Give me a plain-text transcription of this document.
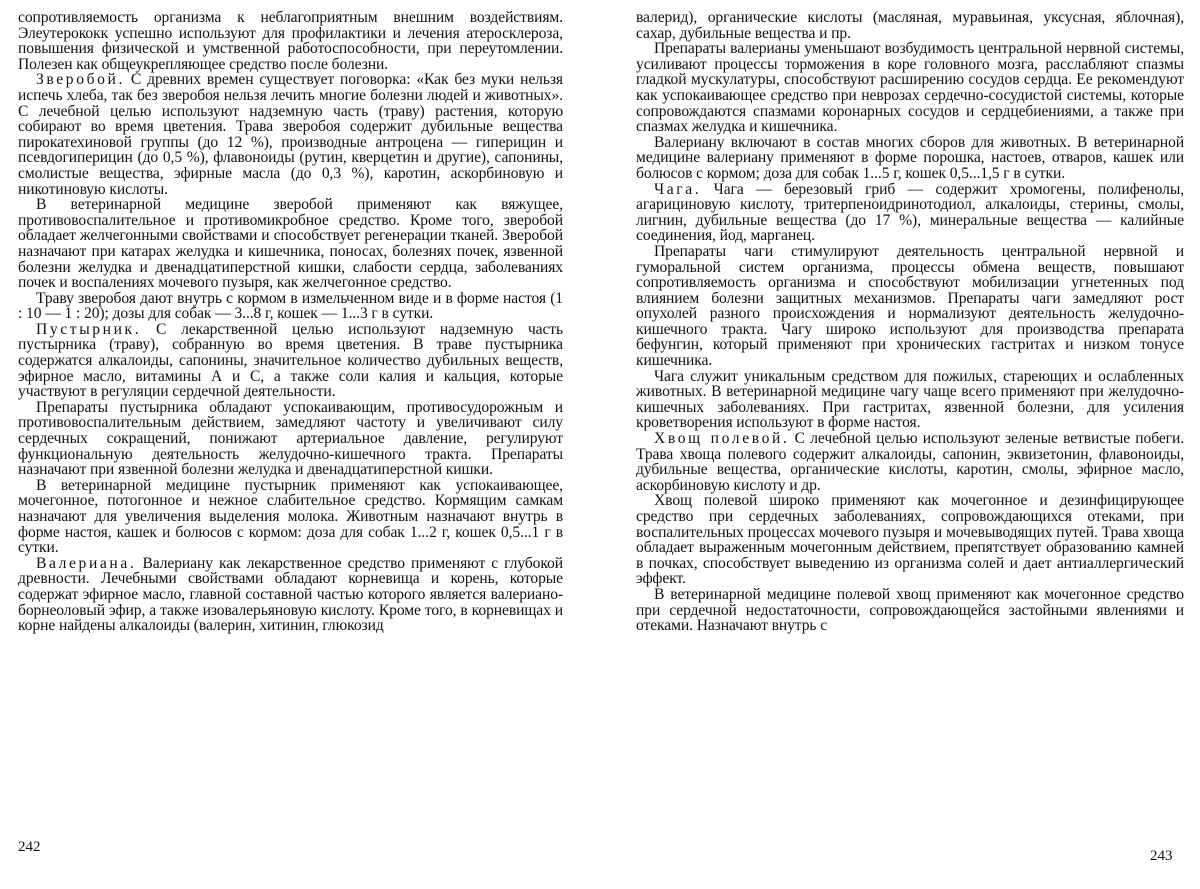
сопротивляемость организма к неблагоприятным внешним воздействиям. Элеутерококк успешно используют для профилактики и лечения атеросклероза, повышения физической и умственной работоспособности, при переутомлении. Полезен как общеукрепляющее средство после болезни.

Зверобой. С древних времен существует поговорка: «Как без муки нельзя испечь хлеба, так без зверобоя нельзя лечить многие болезни людей и животных». С лечебной целью используют надземную часть (траву) растения, которую собирают во время цветения. Трава зверобоя содержит дубильные вещества пирокатехиновой группы (до 12 %), производные антроцена — гиперицин и псевдогиперицин (до 0,5 %), флавоноиды (рутин, кверцетин и другие), сапонины, смолистые вещества, эфирные масла (до 0,3 %), каротин, аскорбиновую и никотиновую кислоты.

В ветеринарной медицине зверобой применяют как вяжущее, противовоспалительное и противомикробное средство. Кроме того, зверобой обладает желчегонными свойствами и способствует регенерации тканей. Зверобой назначают при катарах желудка и кишечника, поносах, болезнях почек, язвенной болезни желудка и двенадцатиперстной кишки, слабости сердца, заболеваниях почек и воспалениях мочевого пузыря, как желчегонное средство.

Траву зверобоя дают внутрь с кормом в измельченном виде и в форме настоя (1 : 10 — 1 : 20); дозы для собак — 3...8 г, кошек — 1...3 г в сутки.

Пустырник. С лекарственной целью используют надземную часть пустырника (траву), собранную во время цветения. В траве пустырника содержатся алкалоиды, сапонины, значительное количество дубильных веществ, эфирное масло, витамины А и С, а также соли калия и кальция, которые участвуют в регуляции сердечной деятельности.

Препараты пустырника обладают успокаивающим, противосудорожным и противовоспалительным действием, замедляют частоту и увеличивают силу сердечных сокращений, понижают артериальное давление, регулируют функциональную деятельность желудочно-кишечного тракта. Препараты назначают при язвенной болезни желудка и двенадцатиперстной кишки.

В ветеринарной медицине пустырник применяют как успокаивающее, мочегонное, потогонное и нежное слабительное средство. Кормящим самкам назначают для увеличения выделения молока. Животным назначают внутрь в форме настоя, кашек и болюсов с кормом: доза для собак 1...2 г, кошек 0,5...1 г в сутки.

Валериана. Валериану как лекарственное средство применяют с глубокой древности. Лечебными свойствами обладают корневища и корень, которые содержат эфирное масло, главной составной частью которого является валериано-борнеоловый эфир, а также изовалерьяновую кислоту. Кроме того, в корневищах и корне найдены алкалоиды (валерин, хитинин, глюкозид

валерид), органические кислоты (масляная, муравьиная, уксусная, яблочная), сахар, дубильные вещества и пр.

Препараты валерианы уменьшают возбудимость центральной нервной системы, усиливают процессы торможения в коре головного мозга, расслабляют спазмы гладкой мускулатуры, способствуют расширению сосудов сердца. Ее рекомендуют как успокаивающее средство при неврозах сердечно-сосудистой системы, которые сопровождаются спазмами коронарных сосудов и сердцебиениями, а также при спазмах желудка и кишечника.

Валериану включают в состав многих сборов для животных. В ветеринарной медицине валериану применяют в форме порошка, настоев, отваров, кашек или болюсов с кормом; доза для собак 1...5 г, кошек 0,5...1,5 г в сутки.

Чага. Чага — березовый гриб — содержит хромогены, полифенолы, агарициновую кислоту, тритерпеноидринотодиол, алкалоиды, стерины, смолы, лигнин, дубильные вещества (до 17 %), минеральные вещества — калийные соединения, йод, марганец.

Препараты чаги стимулируют деятельность центральной нервной и гуморальной систем организма, процессы обмена веществ, повышают сопротивляемость организма и способствуют мобилизации угнетенных под влиянием болезни защитных механизмов. Препараты чаги замедляют рост опухолей разного происхождения и нормализуют деятельность желудочно-кишечного тракта. Чагу широко используют для производства препарата бефунгин, который применяют при хронических гастритах и низком тонусе кишечника.

Чага служит уникальным средством для пожилых, стареющих и ослабленных животных. В ветеринарной медицине чагу чаще всего применяют при желудочно-кишечных заболеваниях. При гастритах, язвенной болезни, для усиления кроветворения используют в форме настоя.

Хвощ полевой. С лечебной целью используют зеленые ветвистые побеги. Трава хвоща полевого содержит алкалоиды, сапонин, эквизетонин, флавоноиды, дубильные вещества, органические кислоты, каротин, смолы, эфирное масло, аскорбиновую кислоту и др.

Хвощ полевой широко применяют как мочегонное и дезинфицирующее средство при сердечных заболеваниях, сопровождающихся отеками, при воспалительных процессах мочевого пузыря и мочевыводящих путей. Трава хвоща обладает выраженным мочегонным действием, препятствует образованию камней в почках, способствует выведению из организма солей и дает антиаллергический эффект.

В ветеринарной медицине полевой хвощ применяют как мочегонное средство при сердечной недостаточности, сопровождающейся застойными явлениями и отеками. Назначают внутрь с

242
243
